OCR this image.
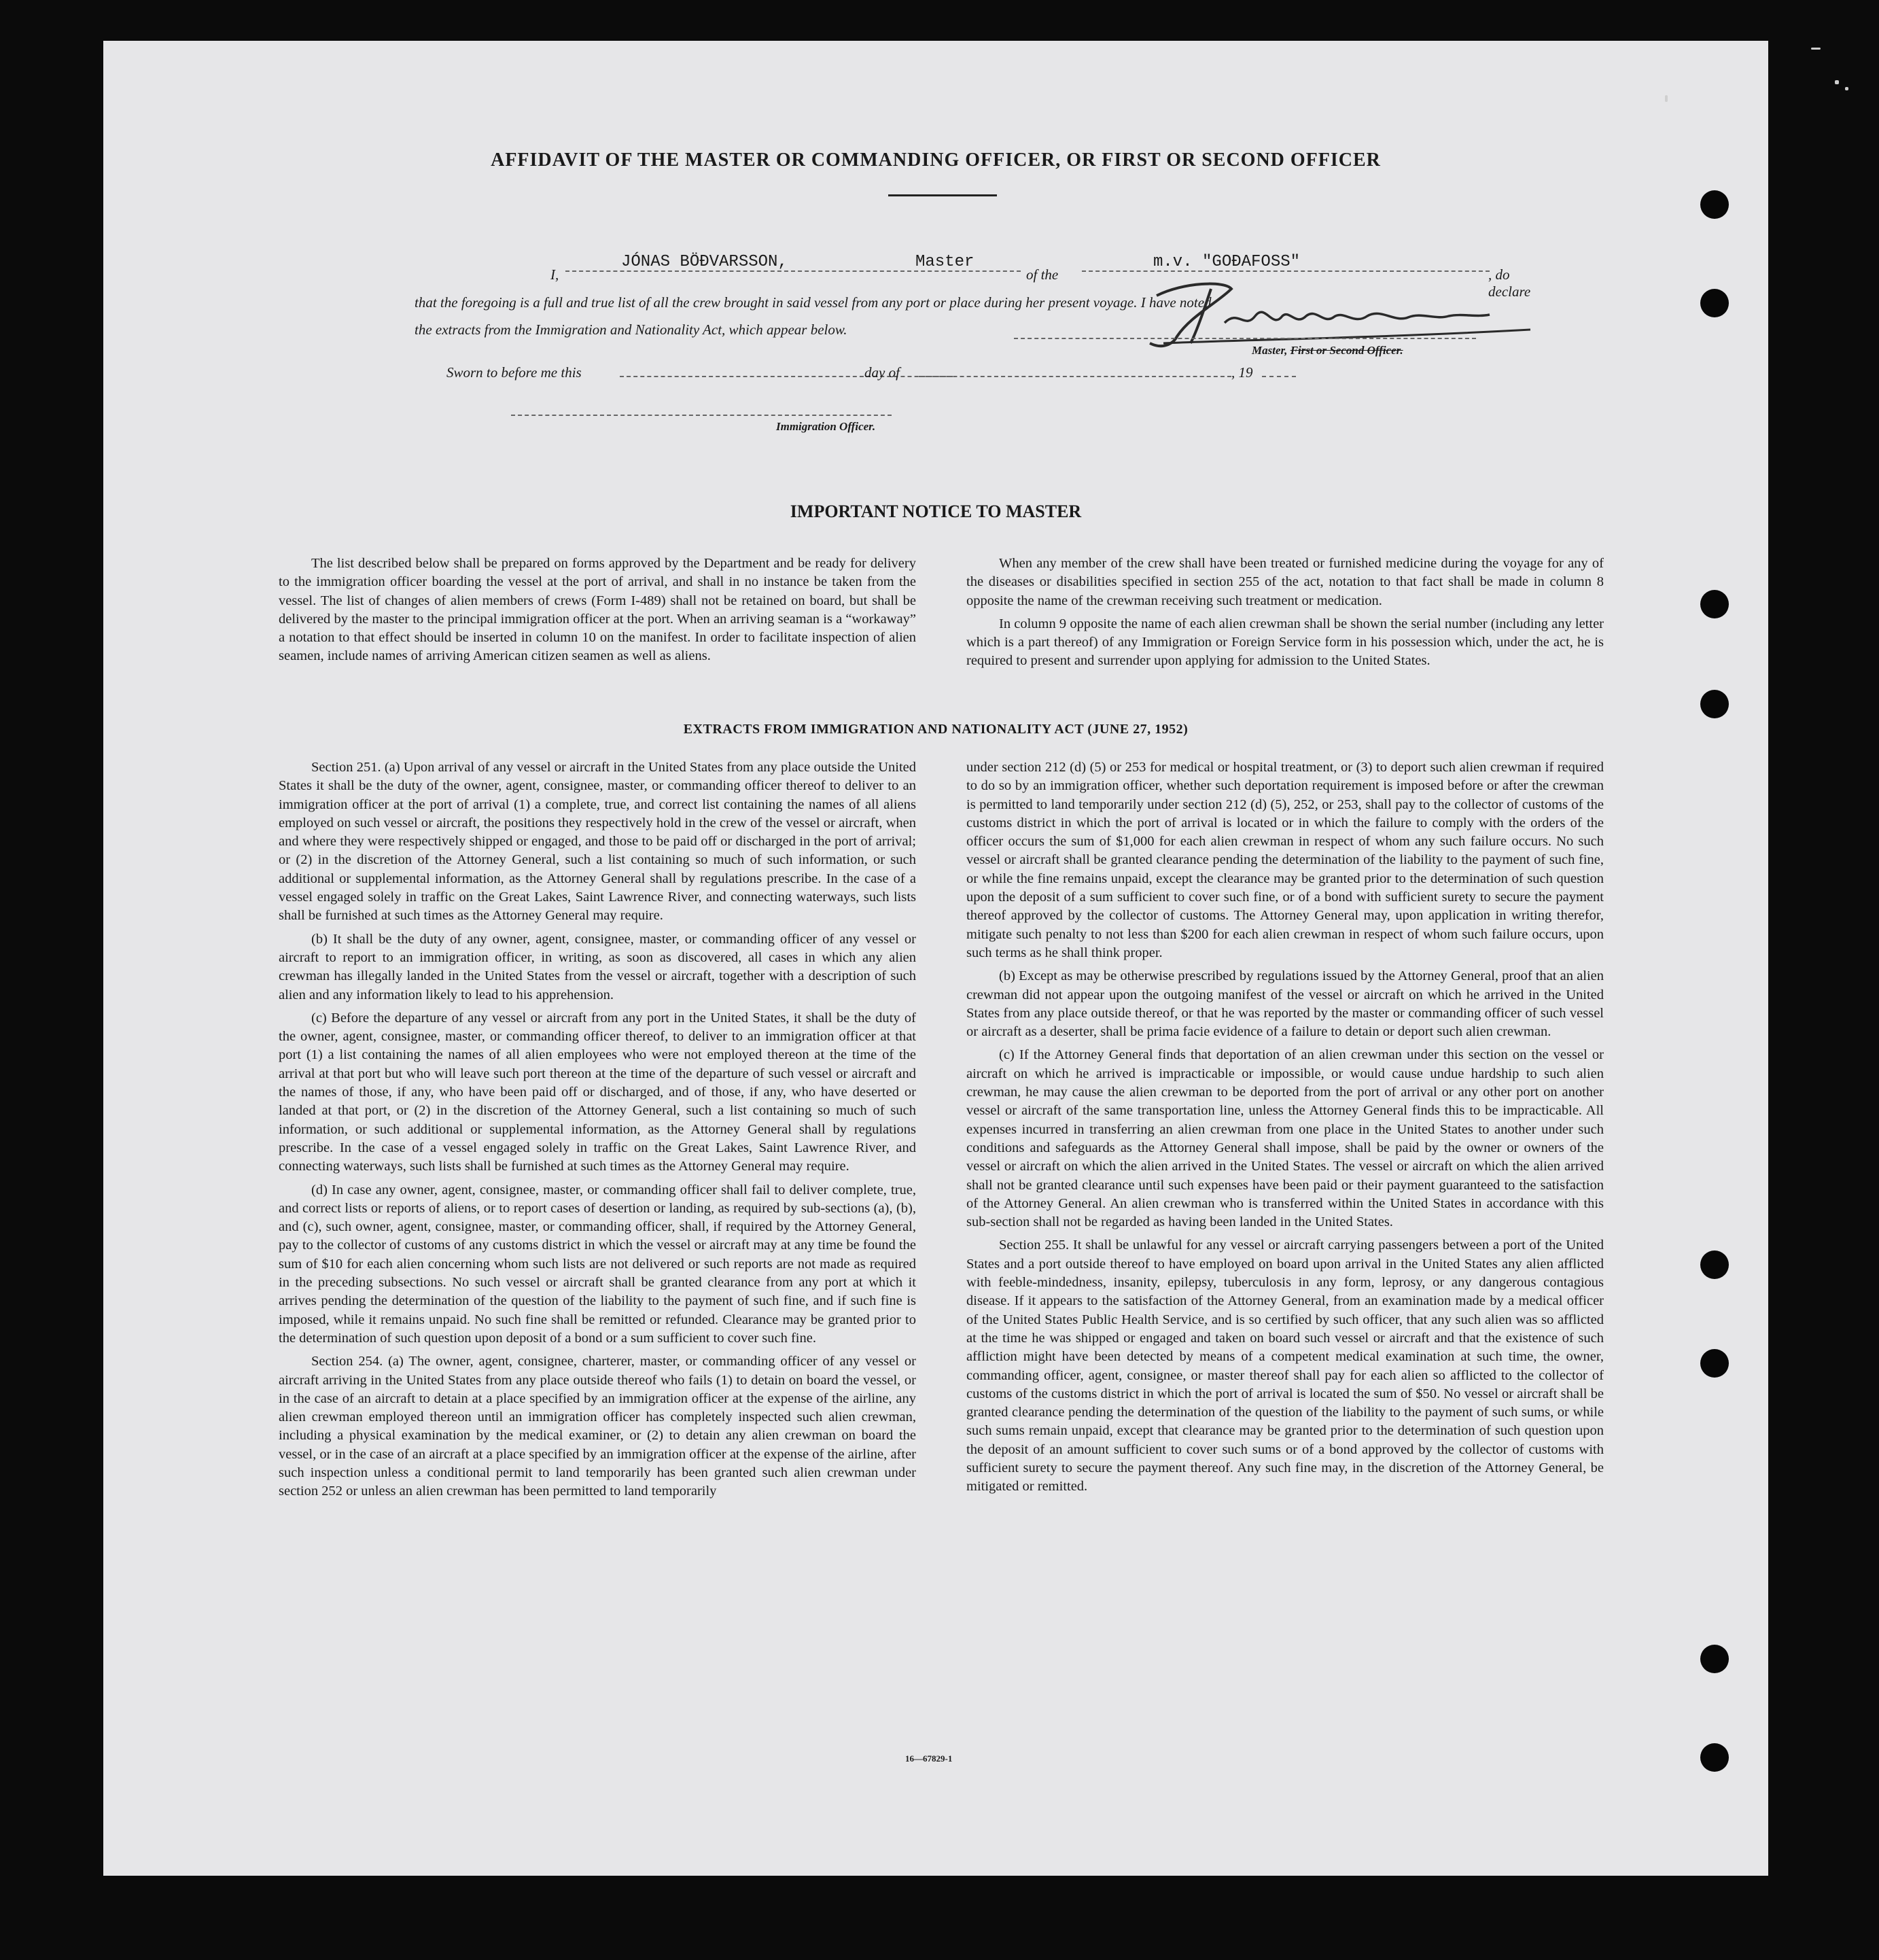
AFFIDAVIT OF THE MASTER OR COMMANDING OFFICER, OR FIRST OR SECOND OFFICER
I,
JÓNAS BÖÐVARSSON,	Master
of the
m.v. "GOÐAFOSS"
, do declare
that the foregoing is a full and true list of all the crew brought in said vessel from any port or place during her present voyage. I have noted
the extracts from the Immigration and Nationality Act, which appear below.
Master, First or Second Officer.
Sworn to before me this	day of	, 19
Immigration Officer.
IMPORTANT NOTICE TO MASTER

The list described below shall be prepared on forms approved by the Department and be ready for delivery to the immigration officer boarding the vessel at the port of arrival, and shall in no instance be taken from the vessel. The list of changes of alien members of crews (Form I-489) shall not be retained on board, but shall be delivered by the master to the principal immigration officer at the port. When an arriving seaman is a “workaway” a notation to that effect should be inserted in column 10 on the manifest. In order to facilitate inspection of alien seamen, include names of arriving American citizen seamen as well as aliens.

When any member of the crew shall have been treated or furnished medicine during the voyage for any of the diseases or disabilities specified in section 255 of the act, notation to that fact shall be made in column 8 opposite the name of the crewman receiving such treatment or medication.

In column 9 opposite the name of each alien crewman shall be shown the serial number (including any letter which is a part thereof) of any Immigration or Foreign Service form in his possession which, under the act, he is required to present and surrender upon applying for admission to the United States.

EXTRACTS FROM IMMIGRATION AND NATIONALITY ACT (JUNE 27, 1952)

Section 251. (a) Upon arrival of any vessel or aircraft in the United States from any place outside the United States it shall be the duty of the owner, agent, consignee, master, or commanding officer thereof to deliver to an immigration officer at the port of arrival (1) a complete, true, and correct list containing the names of all aliens employed on such vessel or aircraft, the positions they respectively hold in the crew of the vessel or aircraft, when and where they were respectively shipped or engaged, and those to be paid off or discharged in the port of arrival; or (2) in the discretion of the Attorney General, such a list containing so much of such information, or such additional or supplemental information, as the Attorney General shall by regulations prescribe. In the case of a vessel engaged solely in traffic on the Great Lakes, Saint Lawrence River, and connecting waterways, such lists shall be furnished at such times as the Attorney General may require.

(b) It shall be the duty of any owner, agent, consignee, master, or commanding officer of any vessel or aircraft to report to an immigration officer, in writing, as soon as discovered, all cases in which any alien crewman has illegally landed in the United States from the vessel or aircraft, together with a description of such alien and any information likely to lead to his apprehension.

(c) Before the departure of any vessel or aircraft from any port in the United States, it shall be the duty of the owner, agent, consignee, master, or commanding officer thereof, to deliver to an immigration officer at that port (1) a list containing the names of all alien employees who were not employed thereon at the time of the arrival at that port but who will leave such port thereon at the time of the departure of such vessel or aircraft and the names of those, if any, who have been paid off or discharged, and of those, if any, who have deserted or landed at that port, or (2) in the discretion of the Attorney General, such a list containing so much of such information, or such additional or supplemental information, as the Attorney General shall by regulations prescribe. In the case of a vessel engaged solely in traffic on the Great Lakes, Saint Lawrence River, and connecting waterways, such lists shall be furnished at such times as the Attorney General may require.

(d) In case any owner, agent, consignee, master, or commanding officer shall fail to deliver complete, true, and correct lists or reports of aliens, or to report cases of desertion or landing, as required by sub-sections (a), (b), and (c), such owner, agent, consignee, master, or commanding officer, shall, if required by the Attorney General, pay to the collector of customs of any customs district in which the vessel or aircraft may at any time be found the sum of $10 for each alien concerning whom such lists are not delivered or such reports are not made as required in the preceding subsections. No such vessel or aircraft shall be granted clearance from any port at which it arrives pending the determination of the question of the liability to the payment of such fine, and if such fine is imposed, while it remains unpaid. No such fine shall be remitted or refunded. Clearance may be granted prior to the determination of such question upon deposit of a bond or a sum sufficient to cover such fine.

Section 254. (a) The owner, agent, consignee, charterer, master, or commanding officer of any vessel or aircraft arriving in the United States from any place outside thereof who fails (1) to detain on board the vessel, or in the case of an aircraft to detain at a place specified by an immigration officer at the expense of the airline, any alien crewman employed thereon until an immigration officer has completely inspected such alien crewman, including a physical examination by the medical examiner, or (2) to detain any alien crewman on board the vessel, or in the case of an aircraft at a place specified by an immigration officer at the expense of the airline, after such inspection unless a conditional permit to land temporarily has been granted such alien crewman under section 252 or unless an alien crewman has been permitted to land temporarily

under section 212 (d) (5) or 253 for medical or hospital treatment, or (3) to deport such alien crewman if required to do so by an immigration officer, whether such deportation requirement is imposed before or after the crewman is permitted to land temporarily under section 212 (d) (5), 252, or 253, shall pay to the collector of customs of the customs district in which the port of arrival is located or in which the failure to comply with the orders of the officer occurs the sum of $1,000 for each alien crewman in respect of whom any such failure occurs. No such vessel or aircraft shall be granted clearance pending the determination of the liability to the payment of such fine, or while the fine remains unpaid, except the clearance may be granted prior to the determination of such question upon the deposit of a sum sufficient to cover such fine, or of a bond with sufficient surety to secure the payment thereof approved by the collector of customs. The Attorney General may, upon application in writing therefor, mitigate such penalty to not less than $200 for each alien crewman in respect of whom such failure occurs, upon such terms as he shall think proper.

(b) Except as may be otherwise prescribed by regulations issued by the Attorney General, proof that an alien crewman did not appear upon the outgoing manifest of the vessel or aircraft on which he arrived in the United States from any place outside thereof, or that he was reported by the master or commanding officer of such vessel or aircraft as a deserter, shall be prima facie evidence of a failure to detain or deport such alien crewman.

(c) If the Attorney General finds that deportation of an alien crewman under this section on the vessel or aircraft on which he arrived is impracticable or impossible, or would cause undue hardship to such alien crewman, he may cause the alien crewman to be deported from the port of arrival or any other port on another vessel or aircraft of the same transportation line, unless the Attorney General finds this to be impracticable. All expenses incurred in transferring an alien crewman from one place in the United States to another under such conditions and safeguards as the Attorney General shall impose, shall be paid by the owner or owners of the vessel or aircraft on which the alien arrived in the United States. The vessel or aircraft on which the alien arrived shall not be granted clearance until such expenses have been paid or their payment guaranteed to the satisfaction of the Attorney General. An alien crewman who is transferred within the United States in accordance with this sub-section shall not be regarded as having been landed in the United States.

Section 255. It shall be unlawful for any vessel or aircraft carrying passengers between a port of the United States and a port outside thereof to have employed on board upon arrival in the United States any alien afflicted with feeble-mindedness, insanity, epilepsy, tuberculosis in any form, leprosy, or any dangerous contagious disease. If it appears to the satisfaction of the Attorney General, from an examination made by a medical officer of the United States Public Health Service, and is so certified by such officer, that any such alien was so afflicted at the time he was shipped or engaged and taken on board such vessel or aircraft and that the existence of such affliction might have been detected by means of a competent medical examination at such time, the owner, commanding officer, agent, consignee, or master thereof shall pay for each alien so afflicted to the collector of customs of the customs district in which the port of arrival is located the sum of $50. No vessel or aircraft shall be granted clearance pending the determination of the question of the liability to the payment of such sums, or while such sums remain unpaid, except that clearance may be granted prior to the determination of such question upon the deposit of an amount sufficient to cover such sums or of a bond approved by the collector of customs with sufficient surety to secure the payment thereof. Any such fine may, in the discretion of the Attorney General, be mitigated or remitted.

16—67829-1
